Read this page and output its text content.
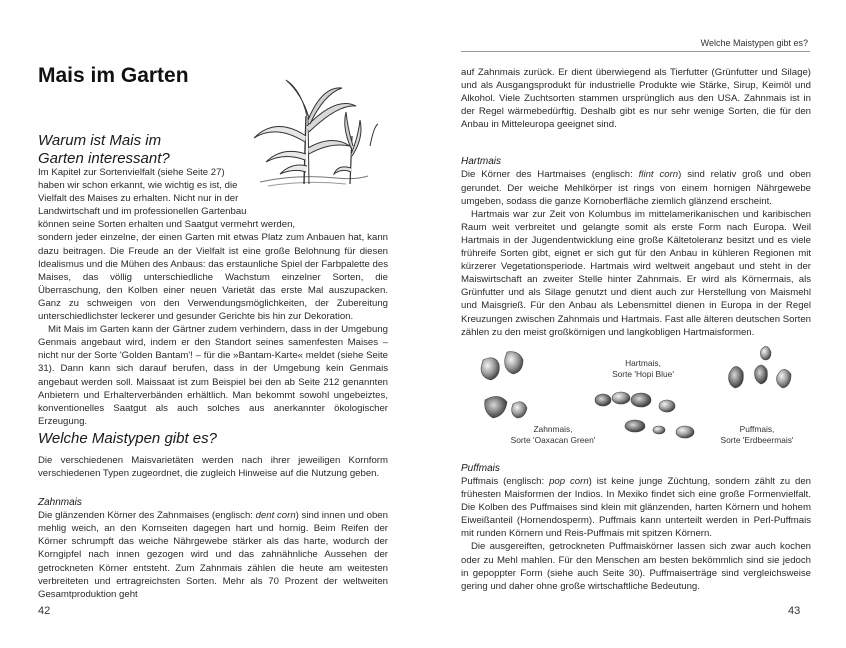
Mais im Garten

Warum ist Mais im
Garten interessant?

Im Kapitel zur Sortenvielfalt (siehe Seite 27)
haben wir schon erkannt, wie wichtig es ist, die
Vielfalt des Maises zu erhalten. Nicht nur in der
Landwirtschaft und im professionellen Gartenbau
können seine Sorten erhalten und Saatgut vermehrt werden,

sondern jeder einzelne, der einen Garten mit etwas Platz zum Anbauen hat, kann dazu beitragen. Die Freude an der Vielfalt ist eine große Belohnung für diesen Idealismus und die Mühen des Anbaus: das erstaunliche Spiel der Farbpalette des Maises, das völlig unterschiedliche Wachstum einzelner Sorten, die Überraschung, den Kolben einer neuen Varietät das erste Mal auszupacken. Ganz zu schweigen von den Verwendungsmöglichkeiten, der Zubereitung unterschiedlichster leckerer und gesunder Gerichte bis hin zur Dekoration.

Mit Mais im Garten kann der Gärtner zudem verhindern, dass in der Umgebung Genmais angebaut wird, indem er den Standort seines samenfesten Maises – nicht nur der Sorte 'Golden Bantam'! – für die »Bantam-Karte« meldet (siehe Seite 31). Dann kann sich darauf berufen, dass in der Umgebung kein Genmais angebaut werden soll. Maissaat ist zum Beispiel bei den ab Seite 212 genannten Anbietern und Erhalterverbänden erhältlich. Man bekommt sowohl ungebeiztes, konventionelles Saatgut als auch solches aus anerkannter ökologischer Erzeugung.

Welche Maistypen gibt es?

Die verschiedenen Maisvarietäten werden nach ihrer jeweiligen Kornform verschiedenen Typen zugeordnet, die zugleich Hinweise auf die Nutzung geben.

Zahnmais

Die glänzenden Körner des Zahnmaises (englisch: dent corn) sind innen und oben mehlig weich, an den Kornseiten dagegen hart und hornig. Beim Reifen der Körner schrumpft das weiche Nährgewebe stärker als das harte, wodurch der Korngipfel nach innen gezogen wird und das zahnähnliche Aussehen der getrockneten Körner entsteht. Zum Zahnmais zählen die heute am weitesten verbreiteten und ertragreichsten Sorten. Mehr als 70 Prozent der weltweiten Gesamtproduktion geht

42
Welche Maistypen gibt es?

auf Zahnmais zurück. Er dient überwiegend als Tierfutter (Grünfutter und Silage) und als Ausgangsprodukt für industrielle Produkte wie Stärke, Sirup, Keimöl und Alkohol. Viele Zuchtsorten stammen ursprünglich aus den USA. Zahnmais ist in der Regel wärmebedürftig. Deshalb gibt es nur sehr wenige Sorten, die für den Anbau in Mitteleuropa geeignet sind.

Hartmais

Die Körner des Hartmaises (englisch: flint corn) sind relativ groß und oben gerundet. Der weiche Mehlkörper ist rings von einem hornigen Nährgewebe umgeben, sodass die ganze Kornoberfläche ziemlich glänzend erscheint.

Hartmais war zur Zeit von Kolumbus im mittelamerikanischen und karibischen Raum weit verbreitet und gelangte somit als erste Form nach Europa. Weil Hartmais in der Jugendentwicklung eine große Kältetoleranz besitzt und es viele frühreife Sorten gibt, eignet er sich gut für den Anbau in kühleren Regionen mit kürzerer Vegetationsperiode. Hartmais wird weltweit angebaut und steht in der Maiswirtschaft an zweiter Stelle hinter Zahnmais. Er wird als Körnermais, als Grünfutter und als Silage genutzt und dient auch zur Herstellung von Maismehl und Maisgrieß. Für den Anbau als Lebensmittel dienen in Europa in der Regel Kreuzungen zwischen Zahnmais und Hartmais. Fast alle älteren deutschen Sorten zählen zu den meist großkörnigen und langkobligen Hartmaisformen.

Hartmais,
Sorte 'Hopi Blue'
Zahnmais,
Sorte 'Oaxacan Green'
Puffmais,
Sorte 'Erdbeermais'

Puffmais

Puffmais (englisch: pop corn) ist keine junge Züchtung, sondern zählt zu den frühesten Maisformen der Indios. In Mexiko findet sich eine große Formenvielfalt. Die Kolben des Puffmaises sind klein mit glänzenden, harten Körnern und hohem Eiweißanteil (Hornendosperm). Puffmais kann unterteilt werden in Perl-Puffmais mit runden Körnern und Reis-Puffmais mit spitzen Körnern.

Die ausgereiften, getrockneten Puffmaiskörner lassen sich zwar auch kochen oder zu Mehl mahlen. Für den Menschen am besten bekömmlich sind sie jedoch in gepoppter Form (siehe auch Seite 30). Puffmaiserträge sind vergleichsweise gering und daher ohne große wirtschaftliche Bedeutung.

43
